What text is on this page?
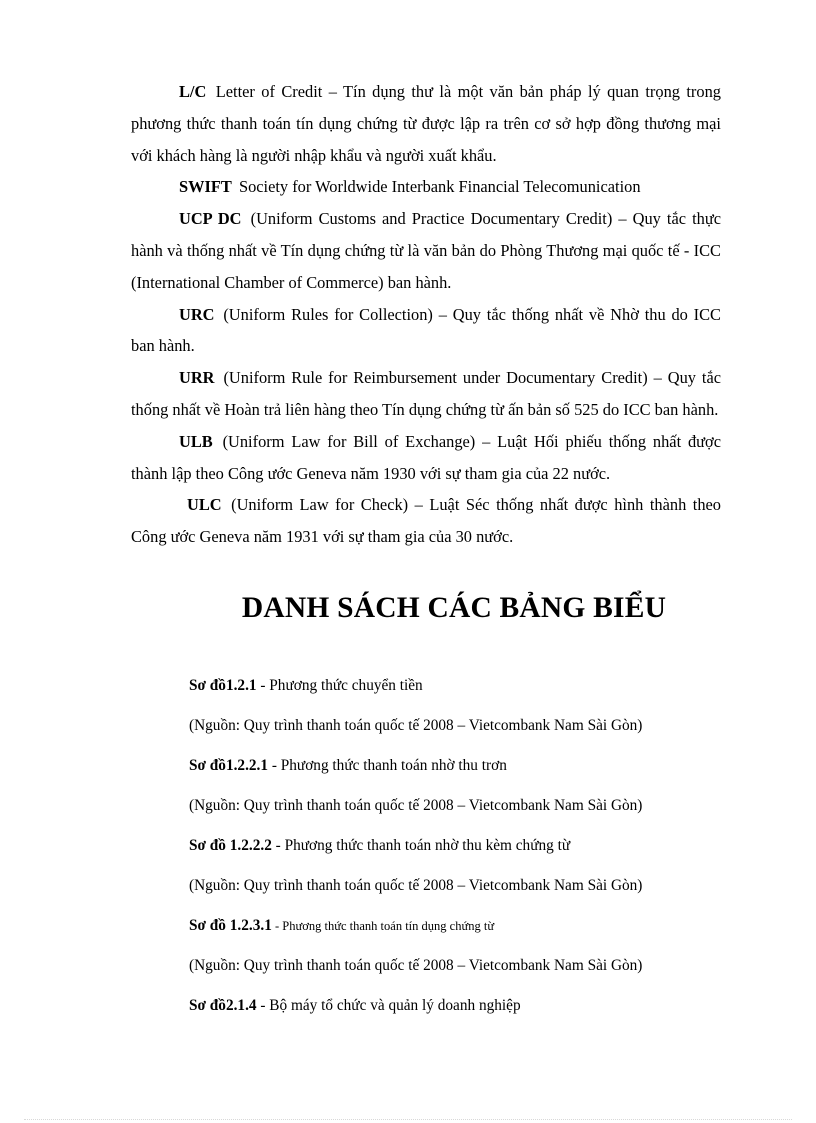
L/C Letter of Credit – Tín dụng thư là một văn bản pháp lý quan trọng trong phương thức thanh toán tín dụng chứng từ được lập ra trên cơ sở hợp đồng thương mại với khách hàng là người nhập khẩu và người xuất khẩu.

SWIFT Society for Worldwide Interbank Financial Telecomunication

UCP DC (Uniform Customs and Practice Documentary Credit) – Quy tắc thực hành và thống nhất về Tín dụng chứng từ là văn bản do Phòng Thương mại quốc tế - ICC (International Chamber of Commerce) ban hành.

URC (Uniform Rules for Collection) – Quy tắc thống nhất về Nhờ thu do ICC ban hành.

URR (Uniform Rule for Reimbursement under Documentary Credit) – Quy tắc thống nhất về Hoàn trả liên hàng theo Tín dụng chứng từ ấn bản số 525 do ICC ban hành.

ULB (Uniform Law for Bill of Exchange) – Luật Hối phiếu thống nhất được thành lập theo Công ước Geneva năm 1930 với sự tham gia của 22 nước.

ULC (Uniform Law for Check) – Luật Séc thống nhất được hình thành theo Công ước Geneva năm 1931 với sự tham gia của 30 nước.

DANH SÁCH CÁC BẢNG BIỂU
Sơ đồ1.2.1 - Phương thức chuyển tiền
(Nguồn: Quy trình thanh toán quốc tế 2008 – Vietcombank Nam Sài Gòn)
Sơ đồ1.2.2.1 - Phương thức thanh toán nhờ thu trơn
(Nguồn: Quy trình thanh toán quốc tế 2008 – Vietcombank Nam Sài Gòn)
Sơ đồ 1.2.2.2 - Phương thức thanh toán nhờ thu kèm chứng từ
(Nguồn: Quy trình thanh toán quốc tế 2008 – Vietcombank Nam Sài Gòn)
Sơ đồ 1.2.3.1 - Phương thức thanh toán tín dụng chứng từ
(Nguồn: Quy trình thanh toán quốc tế 2008 – Vietcombank Nam Sài Gòn)
Sơ đồ2.1.4 - Bộ máy tổ chức và quản lý doanh nghiệp
